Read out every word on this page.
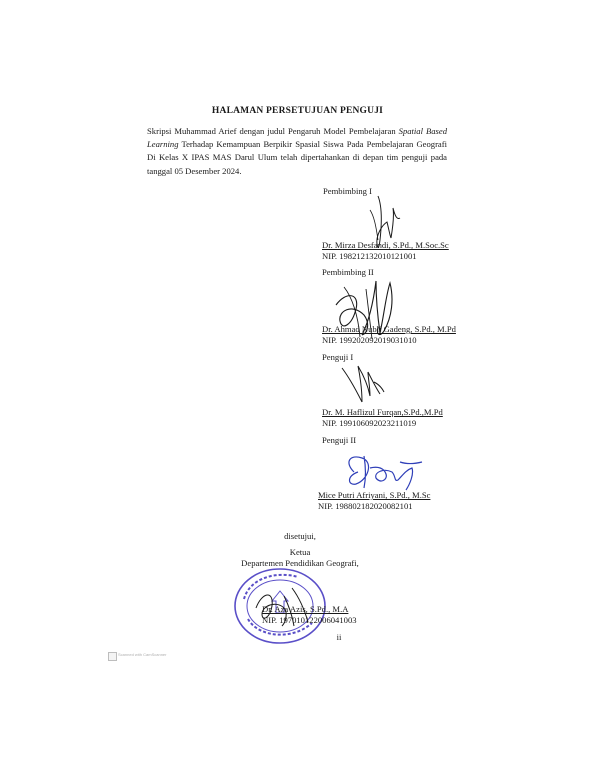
HALAMAN PERSETUJUAN PENGUJI
Skripsi Muhammad Arief dengan judul Pengaruh Model Pembelajaran Spatial Based Learning Terhadap Kemampuan Berpikir Spasial Siswa Pada Pembelajaran Geografi Di Kelas X IPAS MAS Darul Ulum telah dipertahankan di depan tim penguji pada tanggal 05 Desember 2024.
Pembimbing I
Dr. Mirza Desfandi, S.Pd., M.Soc.Sc
NIP. 198212132010121001
Pembimbing II
Dr. Ahmad Nubli Gadeng, S.Pd., M.Pd
NIP. 199202092019031010
Penguji I
Dr. M. Haflizul Furqan,S.Pd.,M.Pd
NIP. 199106092023211019
Penguji II
Mice Putri Afriyani, S.Pd., M.Sc
NIP. 198802182020082101
disetujui,
Ketua
Departemen Pendidikan Geografi,
Dr. Aza Azis, S.Pd., M.A
NIP. 197010122006041003
ii
Scanned with CamScanner
